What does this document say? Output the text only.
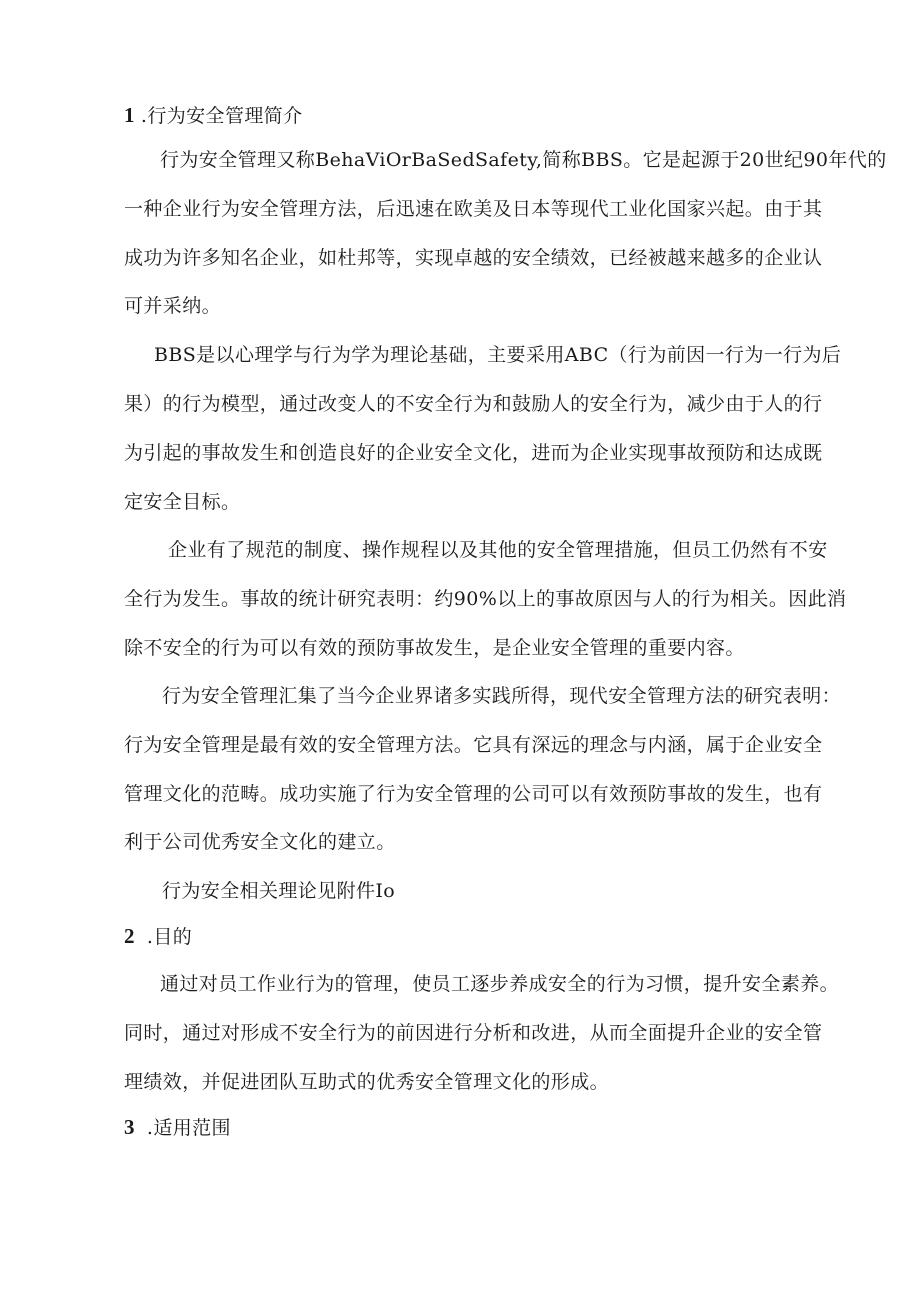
1 .行为安全管理简介
行为安全管理又称BehaViOrBaSedSafety,简称BBS。它是起源于20世纪90年代的
一种企业行为安全管理方法，后迅速在欧美及日本等现代工业化国家兴起。由于其
成功为许多知名企业，如杜邦等，实现卓越的安全绩效，已经被越来越多的企业认
可并采纳。
BBS是以心理学与行为学为理论基础，主要采用ABC（行为前因一行为一行为后
果）的行为模型，通过改变人的不安全行为和鼓励人的安全行为，减少由于人的行
为引起的事故发生和创造良好的企业安全文化，进而为企业实现事故预防和达成既
定安全目标。
企业有了规范的制度、操作规程以及其他的安全管理措施，但员工仍然有不安
全行为发生。事故的统计研究表明：约90%以上的事故原因与人的行为相关。因此消
除不安全的行为可以有效的预防事故发生，是企业安全管理的重要内容。
行为安全管理汇集了当今企业界诸多实践所得，现代安全管理方法的研究表明：
行为安全管理是最有效的安全管理方法。它具有深远的理念与内涵，属于企业安全
管理文化的范畴。成功实施了行为安全管理的公司可以有效预防事故的发生，也有
利于公司优秀安全文化的建立。
行为安全相关理论见附件Io
2 .目的
通过对员工作业行为的管理，使员工逐步养成安全的行为习惯，提升安全素养。
同时，通过对形成不安全行为的前因进行分析和改进，从而全面提升企业的安全管
理绩效，并促进团队互助式的优秀安全管理文化的形成。
3 .适用范围
